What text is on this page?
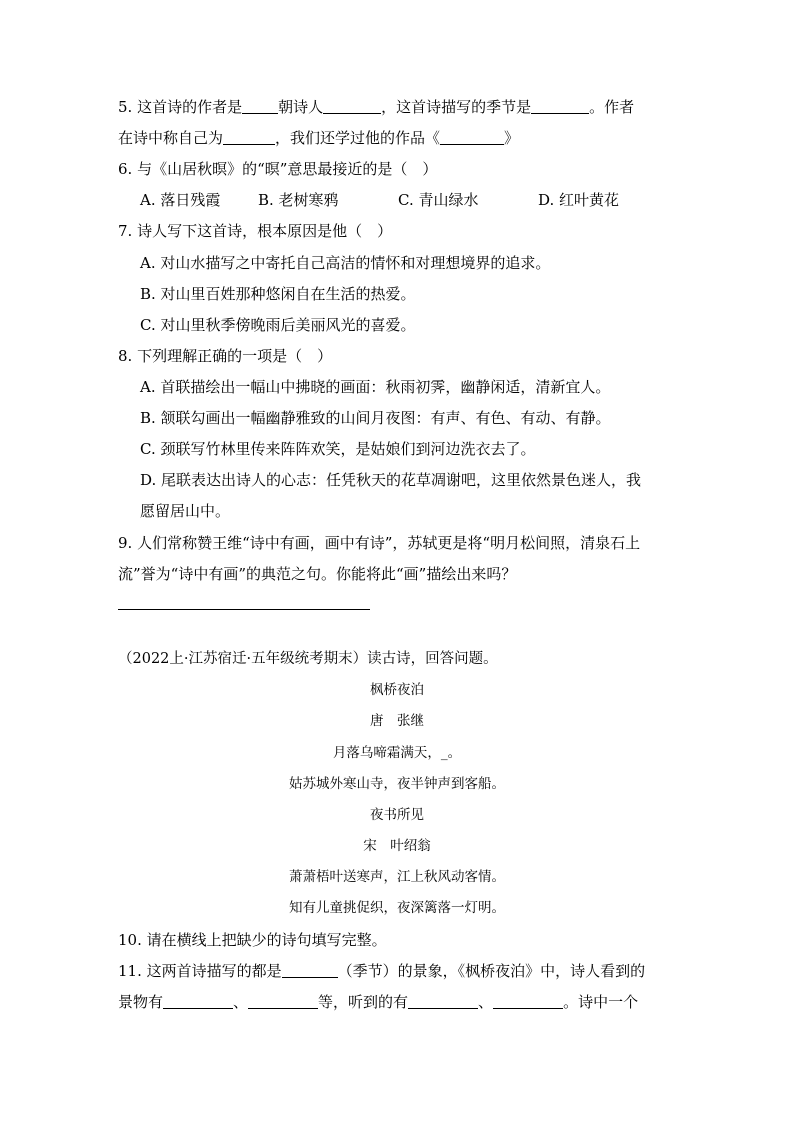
5. 这首诗的作者是 朝诗人	，这首诗描写的季节是	。作者
在诗中称自己为	，我们还学过他的作品《	》
6. 与《山居秋暝》的“暝”意思最接近的是（　）
A. 落日残霞	B. 老树寒鸦	C. 青山绿水	D. 红叶黄花
7. 诗人写下这首诗，根本原因是他（　）
A. 对山水描写之中寄托自己高洁的情怀和对理想境界的追求。
B. 对山里百姓那种悠闲自在生活的热爱。
C. 对山里秋季傍晚雨后美丽风光的喜爱。
8. 下列理解正确的一项是（　）
A. 首联描绘出一幅山中拂晓的画面：秋雨初霁，幽静闲适，清新宜人。
B. 颔联勾画出一幅幽静雅致的山间月夜图：有声、有色、有动、有静。
C. 颈联写竹林里传来阵阵欢笑，是姑娘们到河边洗衣去了。
D. 尾联表达出诗人的心志：任凭秋天的花草凋谢吧，这里依然景色迷人，我
愿留居山中。
9. 人们常称赞王维“诗中有画，画中有诗”，苏轼更是将“明月松间照，清泉石上
流”誉为“诗中有画”的典范之句。你能将此“画”描绘出来吗？
（2022上·江苏宿迁·五年级统考期末）读古诗，回答问题。
枫桥夜泊
唐　张继
月落乌啼霜满天，_。
姑苏城外寒山寺，夜半钟声到客船。
夜书所见
宋　叶绍翁
萧萧梧叶送寒声，江上秋风动客情。
知有儿童挑促织，夜深篱落一灯明。
10. 请在横线上把缺少的诗句填写完整。
11. 这两首诗描写的都是	（季节）的景象，《枫桥夜泊》中，诗人看到的
景物有	、	等，听到的有	、	。诗中一个
